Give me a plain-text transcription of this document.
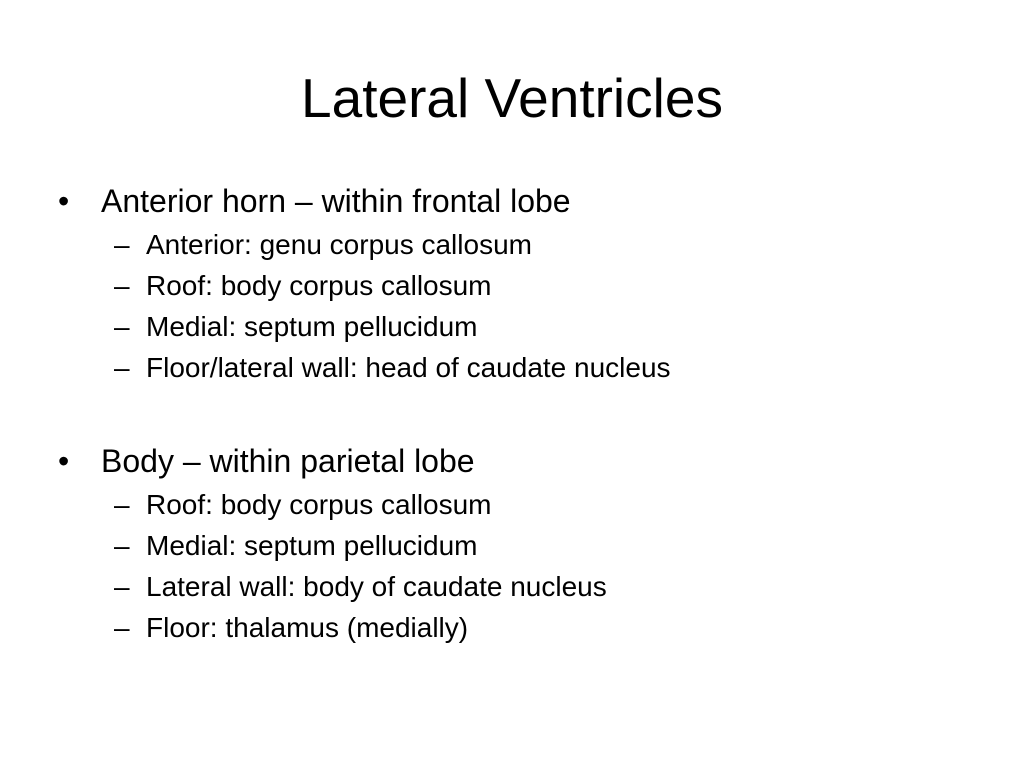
Lateral Ventricles
• Anterior horn – within frontal lobe
– Anterior: genu corpus callosum
– Roof: body corpus callosum
– Medial: septum pellucidum
– Floor/lateral wall: head of caudate nucleus
• Body – within parietal lobe
– Roof: body corpus callosum
– Medial: septum pellucidum
– Lateral wall: body of caudate nucleus
– Floor: thalamus (medially)
